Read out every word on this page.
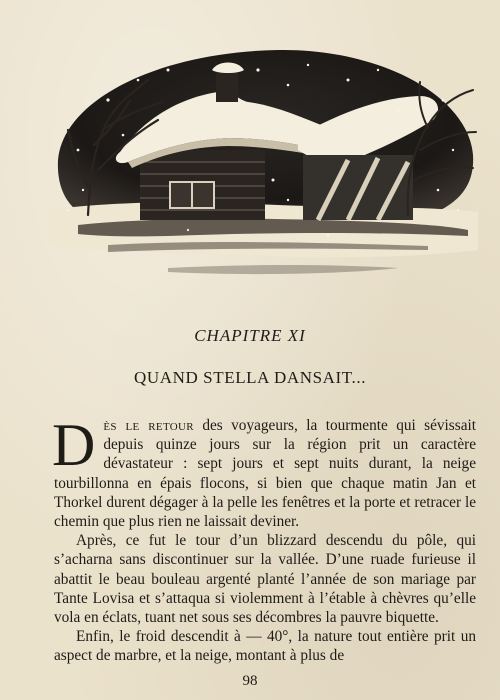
CHAPITRE XI
QUAND STELLA DANSAIT...

Dès le retour des voyageurs, la tourmente qui sévissait depuis quinze jours sur la région prit un caractère dévastateur : sept jours et sept nuits durant, la neige tourbillonna en épais flocons, si bien que chaque matin Jan et Thorkel durent dégager à la pelle les fenêtres et la porte et retracer le chemin que plus rien ne laissait deviner.

Après, ce fut le tour d’un blizzard descendu du pôle, qui s’acharna sans discontinuer sur la vallée. D’une ruade furieuse il abattit le beau bouleau argenté planté l’année de son mariage par Tante Lovisa et s’attaqua si violemment à l’étable à chèvres qu’elle vola en éclats, tuant net sous ses décombres la pauvre biquette.

Enfin, le froid descendit à — 40°, la nature tout entière prit un aspect de marbre, et la neige, montant à plus de

98
